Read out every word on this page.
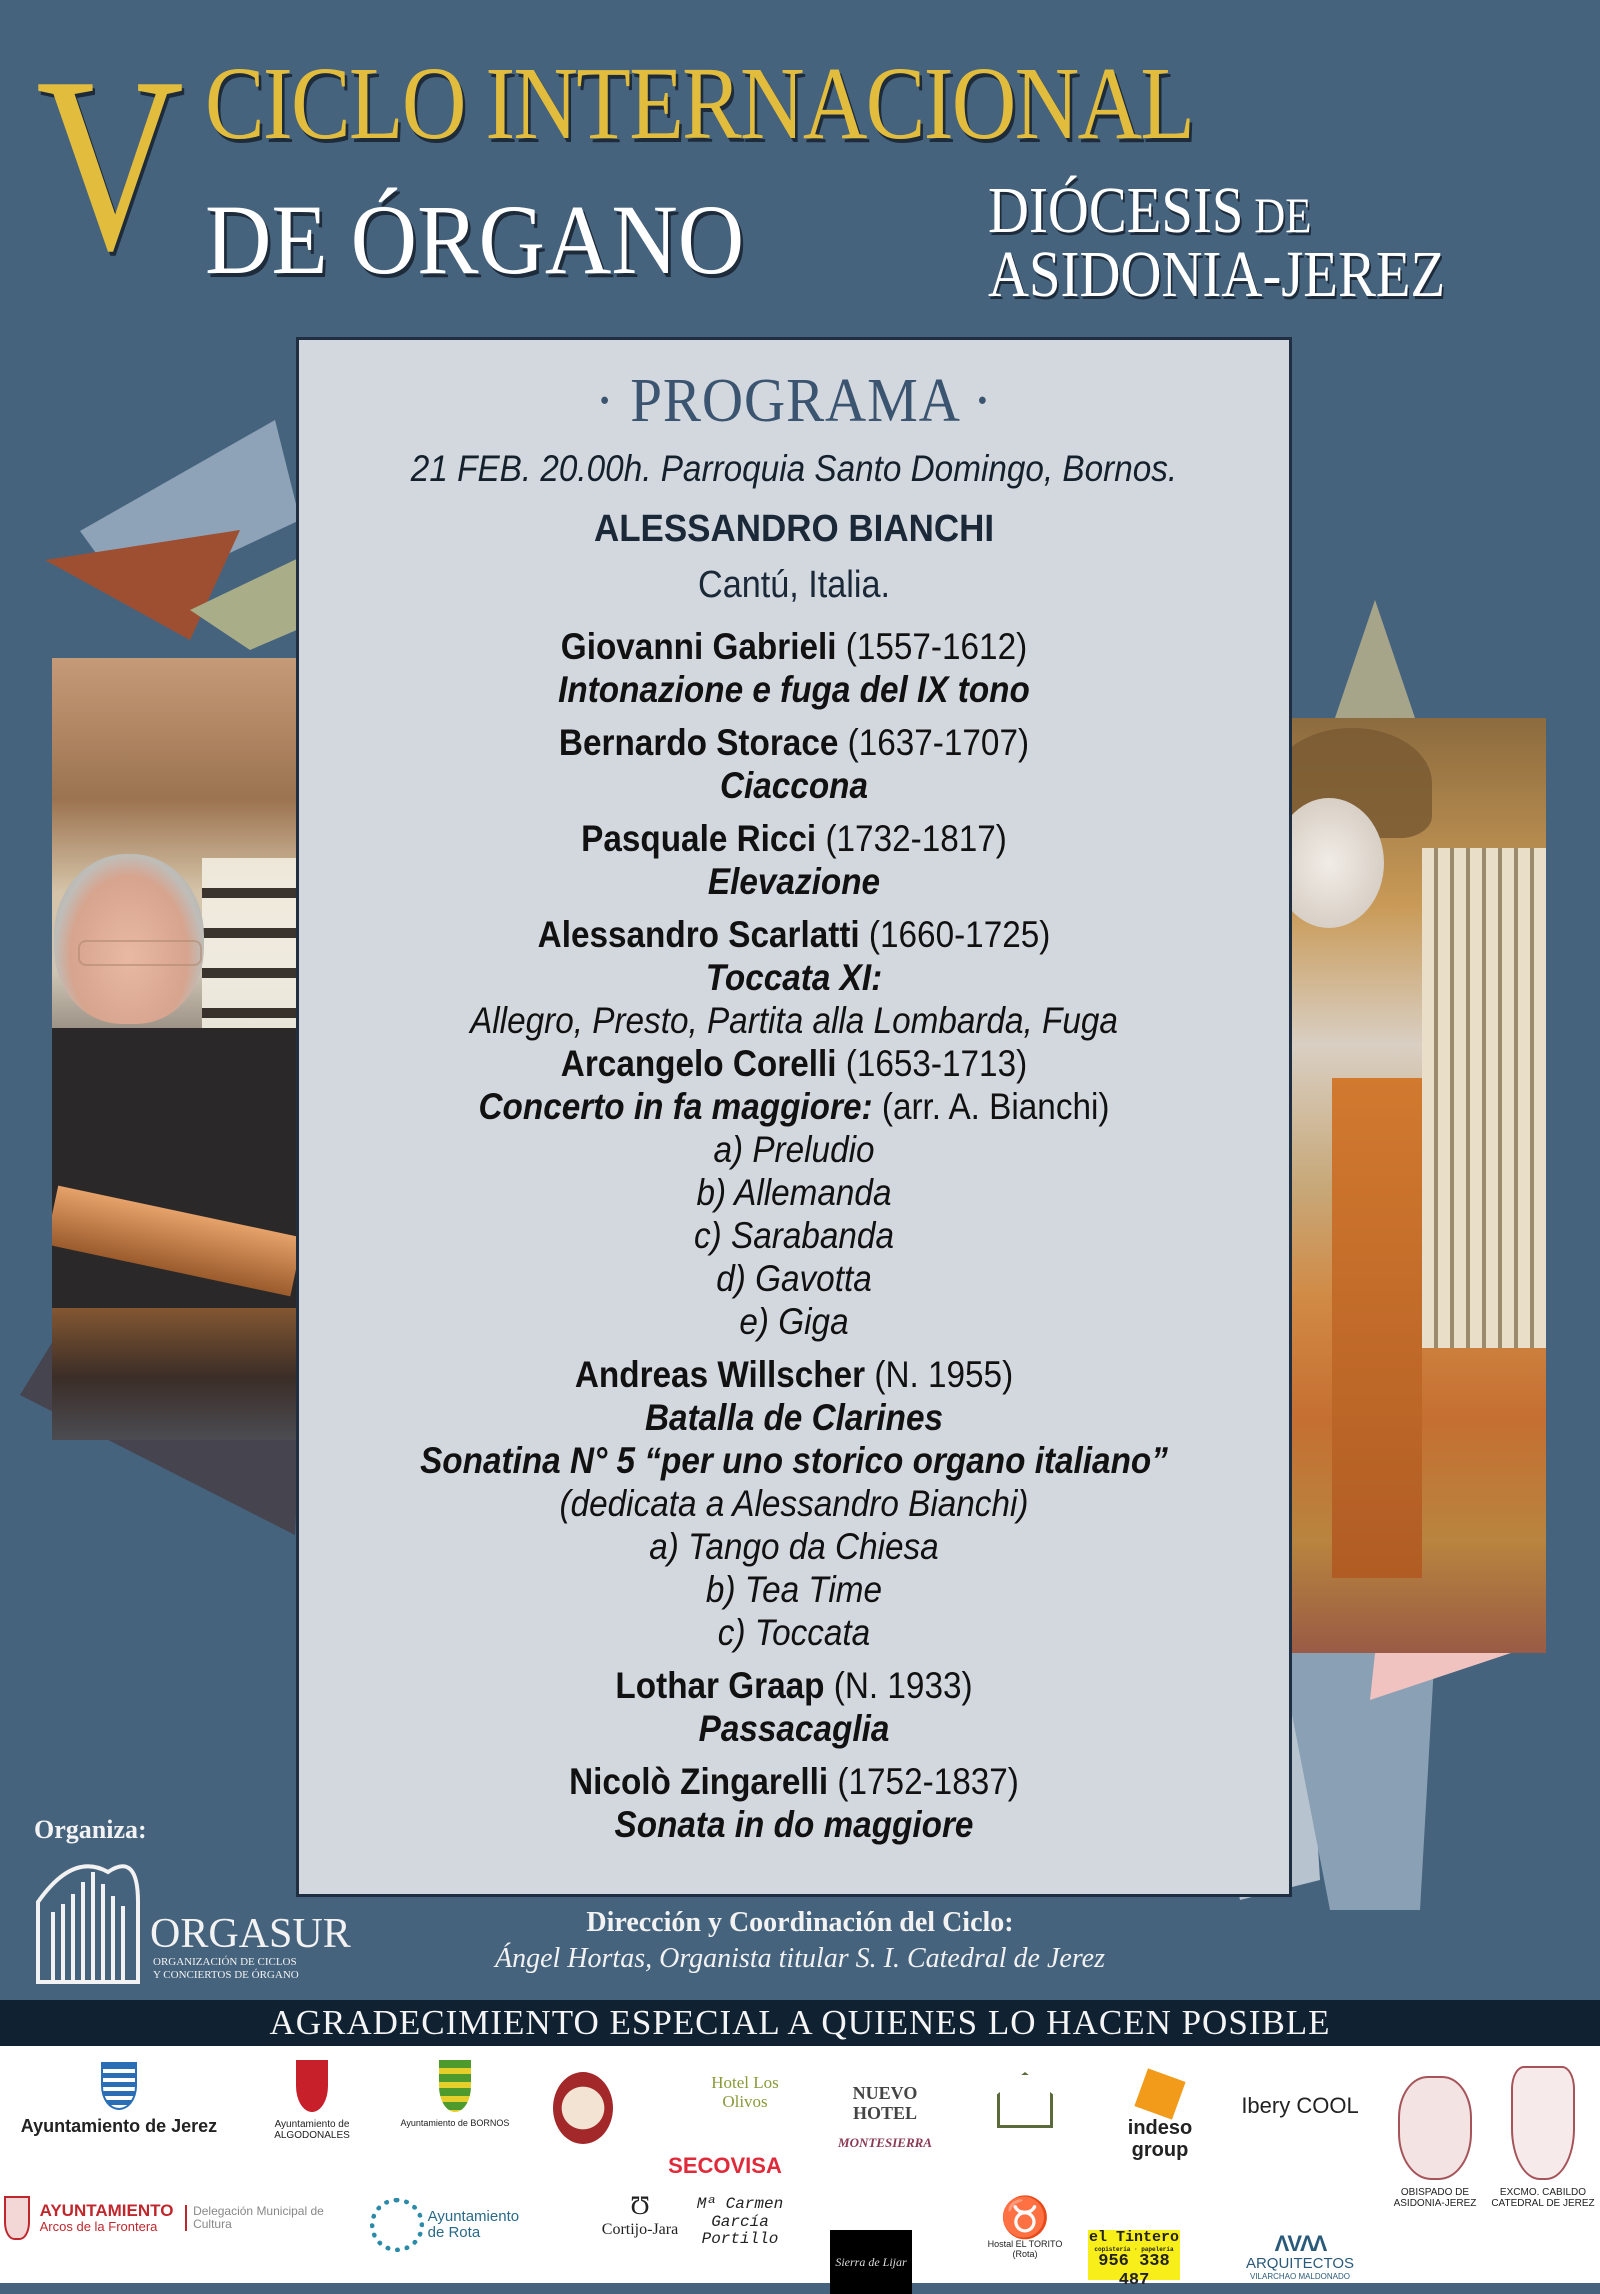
V CICLO INTERNACIONAL
DE ÓRGANO	DIÓCESIS DE
ASIDONIA-JEREZ
· PROGRAMA ·
21 FEB. 20.00h. Parroquia Santo Domingo, Bornos.
ALESSANDRO BIANCHI
Cantú, Italia.
Giovanni Gabrieli (1557-1612)
Intonazione e fuga del IX tono
Bernardo Storace (1637-1707)
Ciaccona
Pasquale Ricci (1732-1817)
Elevazione
Alessandro Scarlatti (1660-1725)
Toccata XI:
Allegro, Presto, Partita alla Lombarda, Fuga
Arcangelo Corelli (1653-1713)
Concerto in fa maggiore: (arr. A. Bianchi)
a) Preludio
b) Allemanda
c) Sarabanda
d) Gavotta
e) Giga
Andreas Willscher (N. 1955)
Batalla de Clarines
Sonatina N° 5 “per uno storico organo italiano”
(dedicata a Alessandro Bianchi)
a) Tango da Chiesa
b) Tea Time
c) Toccata
Lothar Graap (N. 1933)
Passacaglia
Nicolò Zingarelli (1752-1837)
Sonata in do maggiore
Organiza:
ORGASUR
ORGANIZACIÓN DE CICLOS
Y CONCIERTOS DE ÓRGANO
Dirección y Coordinación del Ciclo:
Ángel Hortas, Organista titular S. I. Catedral de Jerez
AGRADECIMIENTO ESPECIAL A QUIENES LO HACEN POSIBLE
Ayuntamiento de Jerez	Ayuntamiento de ALGODONALES
Ayuntamiento de BORNOS
Hotel Los Olivos
SECOVISA
NUEVO HOTEL
MONTESIERRA
indeso group
Ibery COOL
OBISPADO DE ASIDONIA-JEREZ
EXCMO. CABILDO CATEDRAL DE JEREZ
AYUNTAMIENTO
Arcos de la Frontera Delegación Municipal de Cultura	Ayuntamiento de Rota
Ʊ
Cortijo-Jara
Mª Carmen García Portillo
Sierra de Lijar
♉
Hostal EL TORITO (Rota)
el Tintero
copistería · papelería
956 338 487
ΛVΛΛ
ARQUITECTOS
VILARCHAO MALDONADO
